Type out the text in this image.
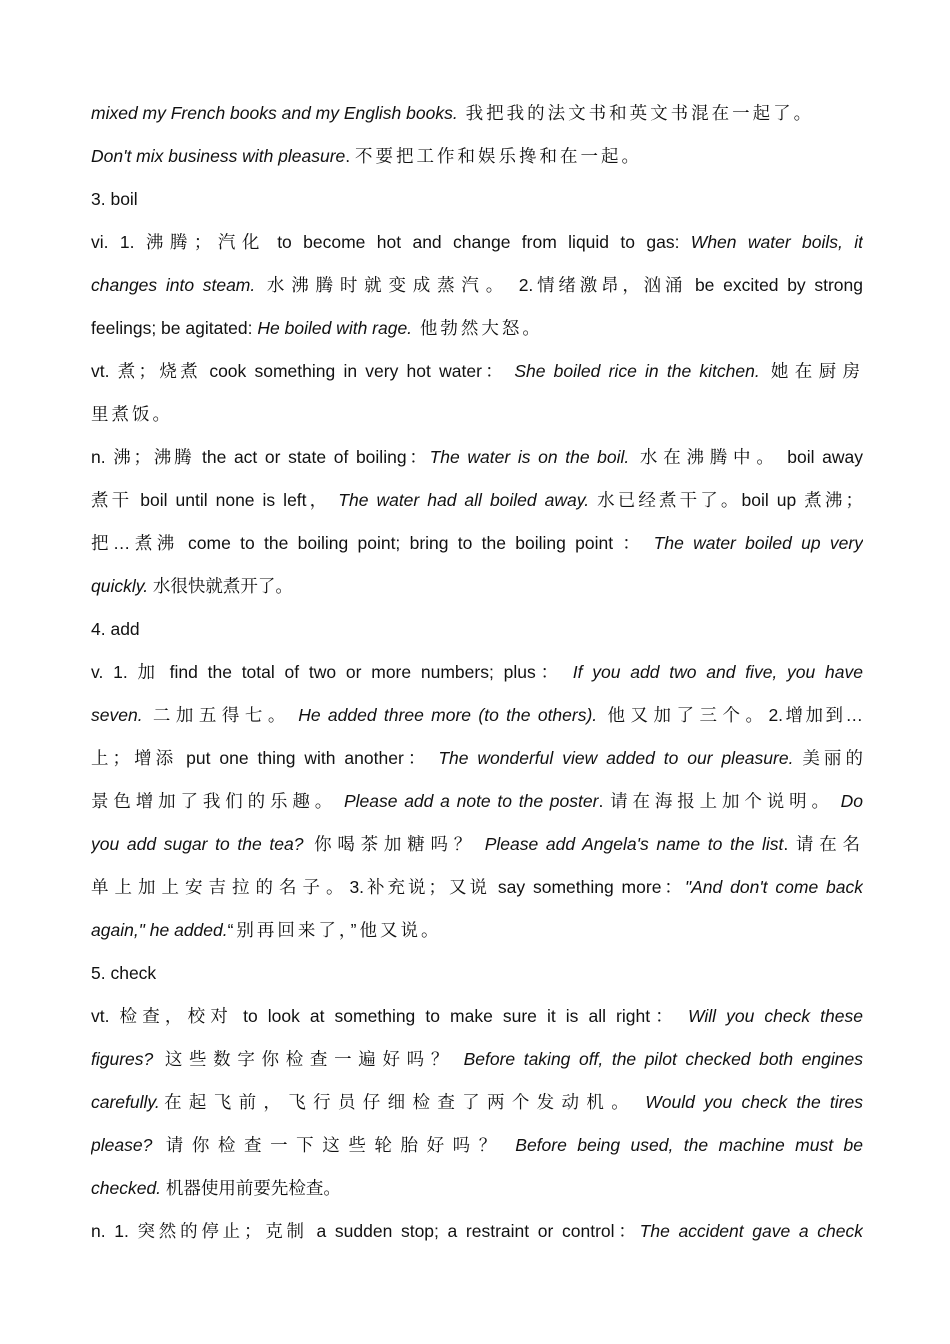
mixed my French books and my English books. 我把我的法文书和英文书混在一起了。
Don't mix business with pleasure. 不要把工作和娱乐搀和在一起。
3. boil
vi. 1. 沸腾；汽化 to become hot and change from liquid to gas: When water boils, it
changes into steam. 水沸腾时就变成蒸汽。 2.情绪激昂，汹涌 be excited by strong
feelings; be agitated: He boiled with rage. 他勃然大怒。
vt. 煮；烧煮 cook something in very hot water： She boiled rice in the kitchen. 她在厨房
里煮饭。
n. 沸；沸腾 the act or state of boiling：The water is on the boil. 水在沸腾中。 boil away
煮干 boil until none is left， The water had all boiled away. 水已经煮干了。boil up 煮沸；
把…煮沸 come to the boiling point; bring to the boiling point ： The water boiled up very
quickly. 水很快就煮开了。
4. add
v. 1. 加 find the total of two or more numbers; plus： If you add two and five, you have
seven. 二加五得七。 He added three more (to the others). 他又加了三个。2.增加到…
上；增添 put one thing with another： The wonderful view added to our pleasure. 美丽的
景色增加了我们的乐趣。 Please add a note to the poster. 请在海报上加个说明。 Do
you add sugar to the tea? 你喝茶加糖吗？ Please add Angela's name to the list. 请在名
单上加上安吉拉的名子。3.补充说；又说 say something more："And don't come back
again," he added.“别再回来了，”他又说。
5. check
vt. 检查，校对 to look at something to make sure it is all right： Will you check these
figures? 这些数字你检查一遍好吗？ Before taking off, the pilot checked both engines
carefully.在起飞前，飞行员仔细检查了两个发动机。 Would you check the tires
please? 请你检查一下这些轮胎好吗？ Before being used, the machine must be
checked. 机器使用前要先检查。
n. 1. 突然的停止；克制 a sudden stop; a restraint or control：The accident gave a check
